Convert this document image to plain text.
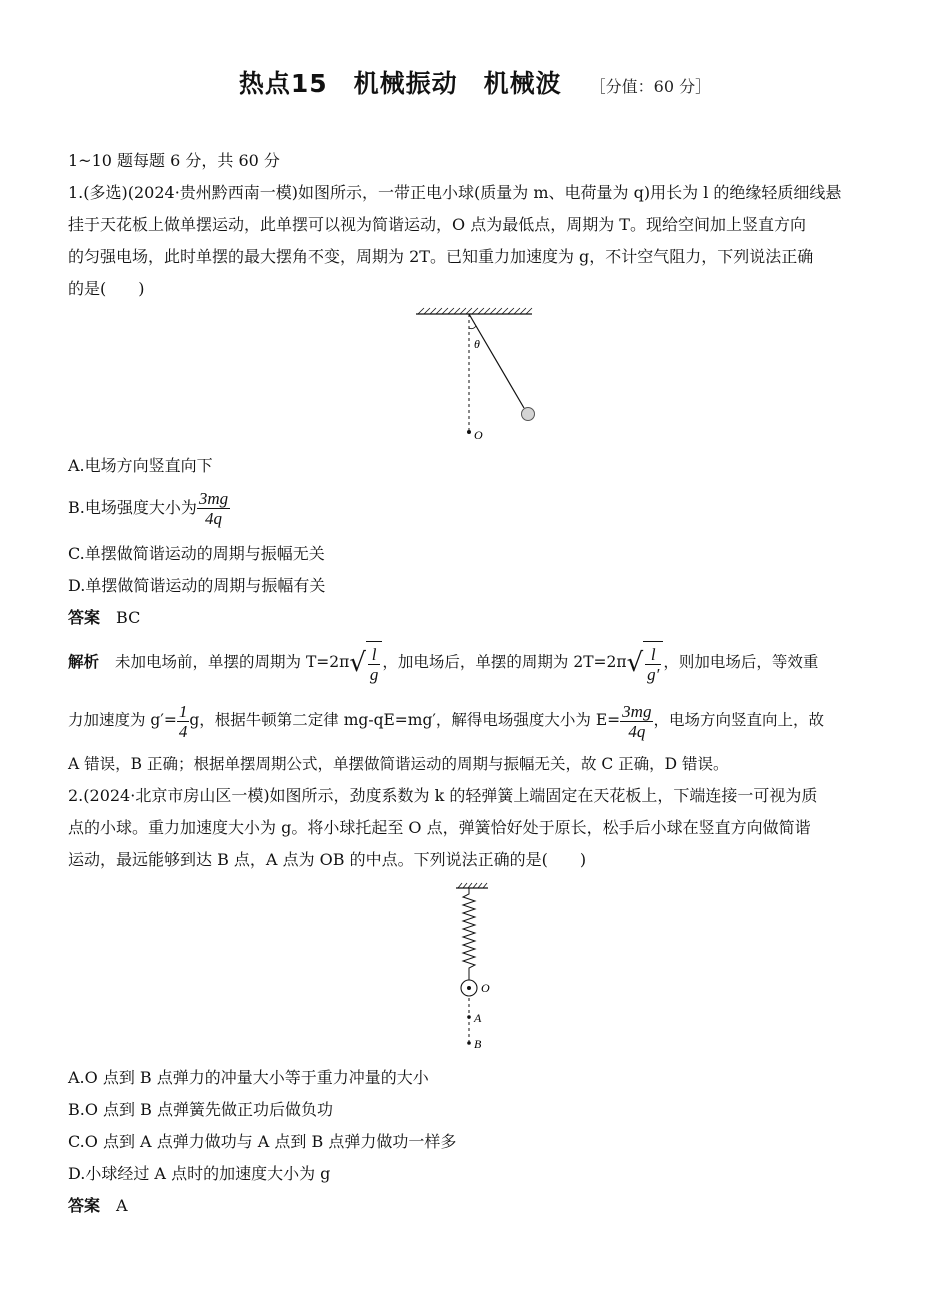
热点15　机械振动　机械波 ［分值：60 分］
1~10 题每题 6 分，共 60 分
1.(多选)(2024·贵州黔西南一模)如图所示，一带正电小球(质量为 m、电荷量为 q)用长为 l 的绝缘轻质细线悬
挂于天花板上做单摆运动，此单摆可以视为简谐运动，O 点为最低点，周期为 T。现给空间加上竖直方向
的匀强电场，此时单摆的最大摆角不变，周期为 2T。已知重力加速度为 g，不计空气阻力，下列说法正确
的是(　　)
θ
O
A.电场方向竖直向下
B.电场强度大小为 $\frac{3mg}{4q}$
C.单摆做简谐运动的周期与振幅无关
D.单摆做简谐运动的周期与振幅有关
答案 BC
解析 未加电场前，单摆的周期为 $T=2\pi√ \frac{l}{g}$ ，加电场后，单摆的周期为 $2T=2\pi√ \frac{l}{g'}$ ，则加电场后，等效重
力加速度为 $g'= \frac{1}{4}$ g，根据牛顿第二定律 mg-qE=mg′，解得电场强度大小为 $E= \frac{3mg}{4q}$ ，电场方向竖直向上，故
A 错误，B 正确；根据单摆周期公式，单摆做简谐运动的周期与振幅无关，故 C 正确，D 错误。
2.(2024·北京市房山区一模)如图所示，劲度系数为 k 的轻弹簧上端固定在天花板上，下端连接一可视为质
点的小球。重力加速度大小为 g。将小球托起至 O 点，弹簧恰好处于原长，松手后小球在竖直方向做简谐
运动，最远能够到达 B 点，A 点为 OB 的中点。下列说法正确的是(　　)
O
A
B
A.O 点到 B 点弹力的冲量大小等于重力冲量的大小
B.O 点到 B 点弹簧先做正功后做负功
C.O 点到 A 点弹力做功与 A 点到 B 点弹力做功一样多
D.小球经过 A 点时的加速度大小为 g
答案 A
